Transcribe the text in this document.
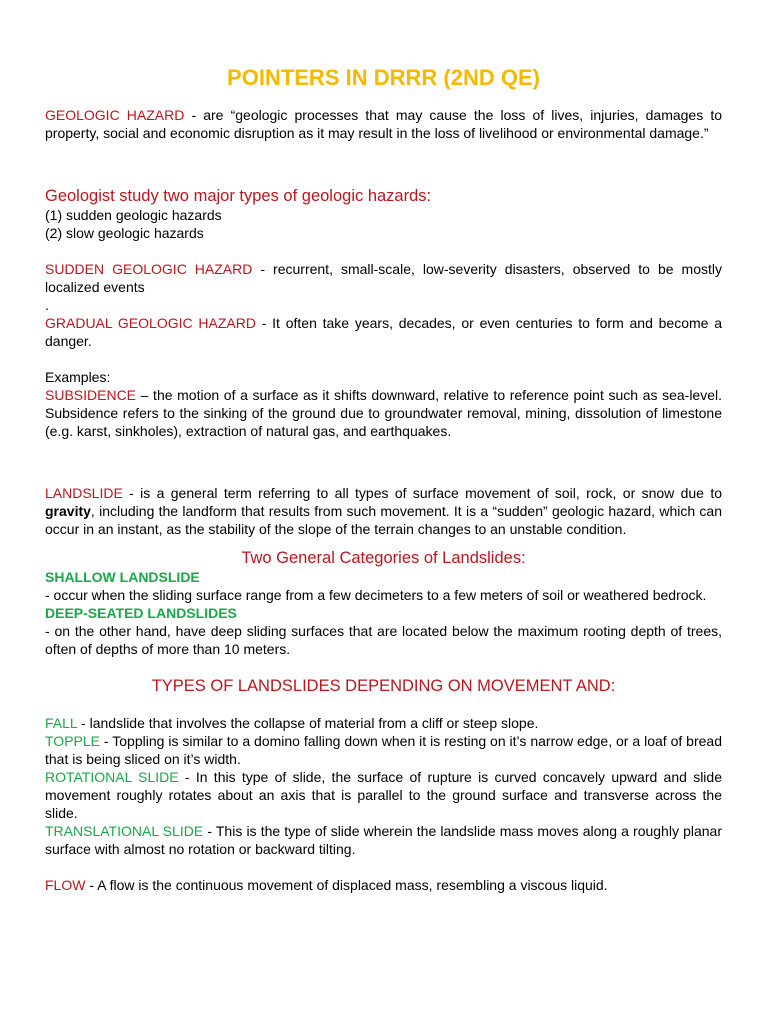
POINTERS IN DRRR (2ND QE)

GEOLOGIC HAZARD - are “geologic processes that may cause the loss of lives, injuries, damages to property, social and economic disruption as it may result in the loss of livelihood or environmental damage.”

Geologist study two major types of geologic hazards:

(1) sudden geologic hazards

(2) slow geologic hazards

SUDDEN GEOLOGIC HAZARD - recurrent, small-scale, low-severity disasters, observed to be mostly localized events

.

GRADUAL GEOLOGIC HAZARD - It often take years, decades, or even centuries to form and become a danger.

Examples:

SUBSIDENCE – the motion of a surface as it shifts downward, relative to reference point such as sea-level. Subsidence refers to the sinking of the ground due to groundwater removal, mining, dissolution of limestone (e.g. karst, sinkholes), extraction of natural gas, and earthquakes.

LANDSLIDE - is a general term referring to all types of surface movement of soil, rock, or snow due to gravity, including the landform that results from such movement. It is a “sudden” geologic hazard, which can occur in an instant, as the stability of the slope of the terrain changes to an unstable condition.

Two General Categories of Landslides:

SHALLOW LANDSLIDE

- occur when the sliding surface range from a few decimeters to a few meters of soil or weathered bedrock.

DEEP-SEATED LANDSLIDES

- on the other hand, have deep sliding surfaces that are located below the maximum rooting depth of trees, often of depths of more than 10 meters.

TYPES OF LANDSLIDES DEPENDING ON MOVEMENT AND:

FALL - landslide that involves the collapse of material from a cliff or steep slope.

TOPPLE - Toppling is similar to a domino falling down when it is resting on it’s narrow edge, or a loaf of bread that is being sliced on it’s width.

ROTATIONAL SLIDE - In this type of slide, the surface of rupture is curved concavely upward and slide movement roughly rotates about an axis that is parallel to the ground surface and transverse across the slide.

TRANSLATIONAL SLIDE - This is the type of slide wherein the landslide mass moves along a roughly planar surface with almost no rotation or backward tilting.

FLOW - A flow is the continuous movement of displaced mass, resembling a viscous liquid.
